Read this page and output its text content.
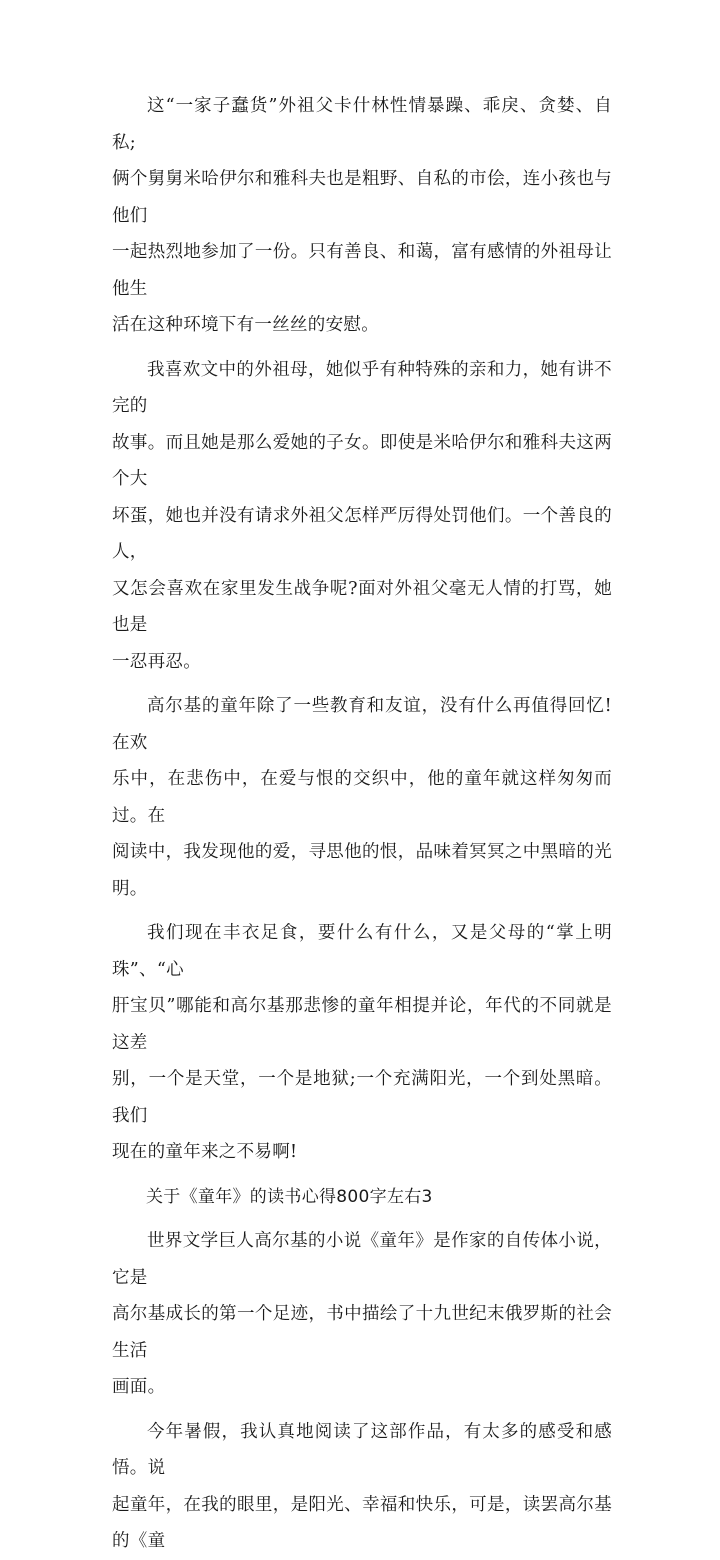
这“一家子蠢货”外祖父卡什林性情暴躁、乖戾、贪婪、自私;
俩个舅舅米哈伊尔和雅科夫也是粗野、自私的市侩，连小孩也与他们
一起热烈地参加了一份。只有善良、和蔼，富有感情的外祖母让他生
活在这种环境下有一丝丝的安慰。
我喜欢文中的外祖母，她似乎有种特殊的亲和力，她有讲不完的
故事。而且她是那么爱她的子女。即使是米哈伊尔和雅科夫这两个大
坏蛋，她也并没有请求外祖父怎样严厉得处罚他们。一个善良的人，
又怎会喜欢在家里发生战争呢?面对外祖父毫无人情的打骂，她也是
一忍再忍。
高尔基的童年除了一些教育和友谊，没有什么再值得回忆!在欢
乐中，在悲伤中，在爱与恨的交织中，他的童年就这样匆匆而过。在
阅读中，我发现他的爱，寻思他的恨，品味着冥冥之中黑暗的光明。
我们现在丰衣足食，要什么有什么，又是父母的“掌上明珠”、“心
肝宝贝”哪能和高尔基那悲惨的童年相提并论，年代的不同就是这差
别，一个是天堂，一个是地狱;一个充满阳光，一个到处黑暗。我们
现在的童年来之不易啊!
关于《童年》的读书心得800字左右3
世界文学巨人高尔基的小说《童年》是作家的自传体小说，它是
高尔基成长的第一个足迹，书中描绘了十九世纪末俄罗斯的社会生活
画面。
今年暑假，我认真地阅读了这部作品，有太多的感受和感悟。说
起童年，在我的眼里，是阳光、幸福和快乐，可是，读罢高尔基的《童
